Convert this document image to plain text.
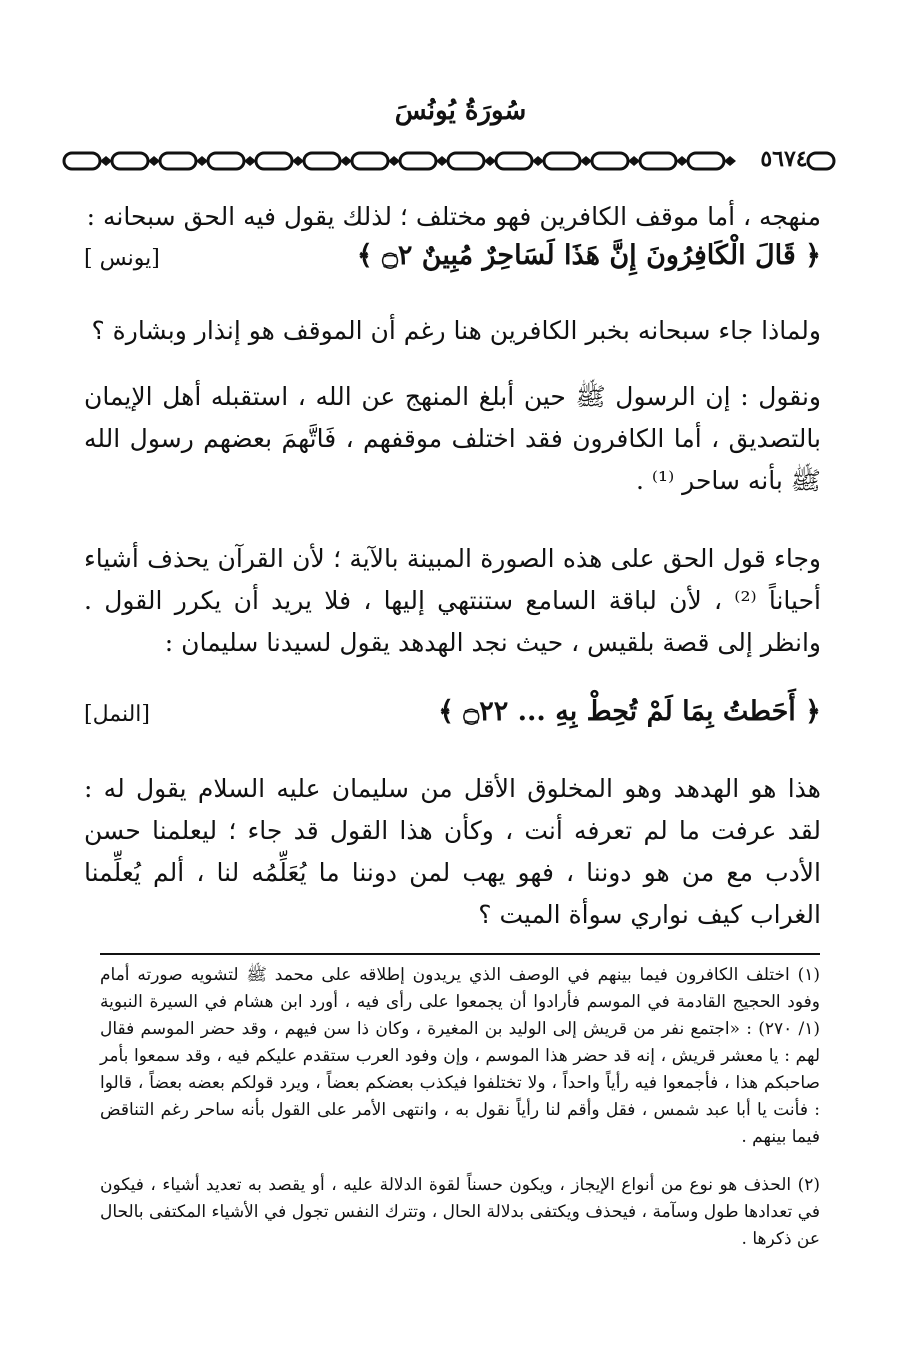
سُورَةُ يُونُسَ
٥٦٧٤

منهجه ، أما موقف الكافرين فهو مختلف ؛ لذلك يقول فيه الحق سبحانه :

﴿ قَالَ الْكَافِرُونَ إِنَّ هَذَا لَسَاحِرٌ مُبِينٌ ۝٢ ﴾
[يونس ]

ولماذا جاء سبحانه بخبر الكافرين هنا رغم أن الموقف هو إنذار وبشارة ؟

ونقول : إن الرسول ﷺ حين أبلغ المنهج عن الله ، استقبله أهل الإيمان بالتصديق ، أما الكافرون فقد اختلف موقفهم ، فَاتَّهمَ بعضهم رسول الله ﷺ بأنه ساحر ⁽¹⁾ .

وجاء قول الحق على هذه الصورة المبينة بالآية ؛ لأن القرآن يحذف أشياء أحياناً ⁽²⁾ ، لأن لباقة السامع ستنتهي إليها ، فلا يريد أن يكرر القول . وانظر إلى قصة بلقيس ، حيث نجد الهدهد يقول لسيدنا سليمان :

﴿ أَحَطتُ بِمَا لَمْ تُحِطْ بِهِ ... ۝٢٢ ﴾
[النمل]

هذا هو الهدهد وهو المخلوق الأقل من سليمان عليه السلام يقول له : لقد عرفت ما لم تعرفه أنت ، وكأن هذا القول قد جاء ؛ ليعلمنا حسن الأدب مع من هو دوننا ، فهو يهب لمن دوننا ما يُعَلِّمُه لنا ، ألم يُعلِّمنا الغراب كيف نواري سوأة الميت ؟

(١) اختلف الكافرون فيما بينهم في الوصف الذي يريدون إطلاقه على محمد ﷺ لتشويه صورته أمام وفود الحجيج القادمة في الموسم فأرادوا أن يجمعوا على رأى فيه ، أورد ابن هشام في السيرة النبوية (١/ ٢٧٠) : «اجتمع نفر من قريش إلى الوليد بن المغيرة ، وكان ذا سن فيهم ، وقد حضر الموسم فقال لهم : يا معشر قريش ، إنه قد حضر هذا الموسم ، وإن وفود العرب ستقدم عليكم فيه ، وقد سمعوا بأمر صاحبكم هذا ، فأجمعوا فيه رأياً واحداً ، ولا تختلفوا فيكذب بعضكم بعضاً ، ويرد قولكم بعضه بعضاً ، قالوا : فأنت يا أبا عبد شمس ، فقل وأقم لنا رأياً نقول به ، وانتهى الأمر على القول بأنه ساحر رغم التناقض فيما بينهم .

(٢) الحذف هو نوع من أنواع الإيجاز ، ويكون حسناً لقوة الدلالة عليه ، أو يقصد به تعديد أشياء ، فيكون في تعدادها طول وسآمة ، فيحذف ويكتفى بدلالة الحال ، وتترك النفس تجول في الأشياء المكتفى بالحال عن ذكرها .
